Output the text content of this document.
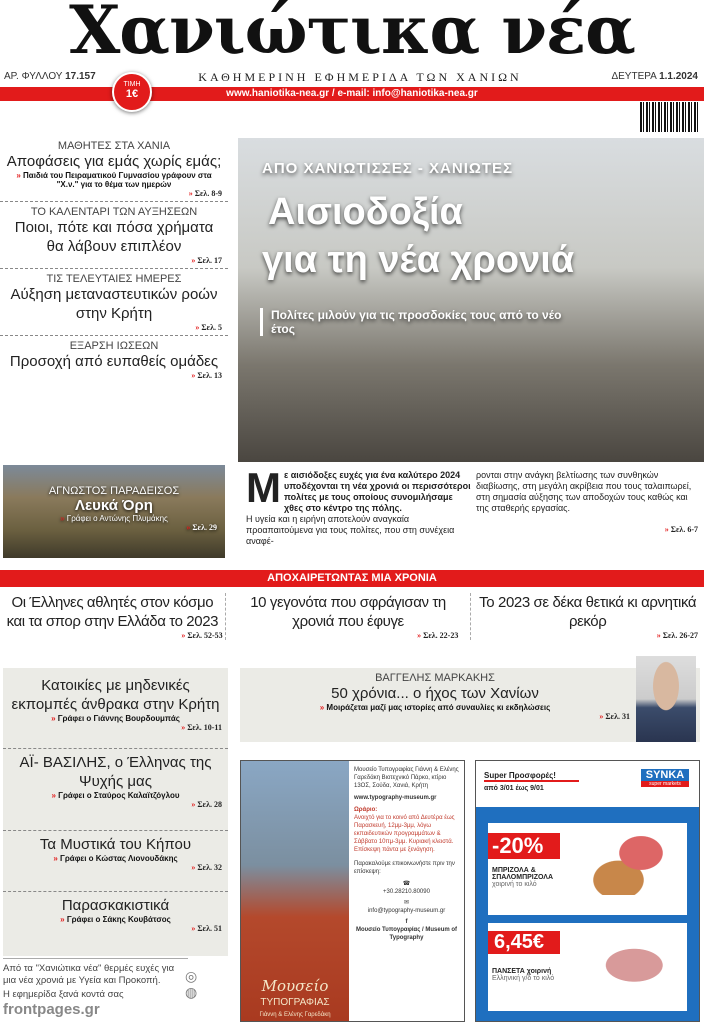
Χανιώτικα νέα
ΑΡ. ΦΥΛΛΟΥ 17.157	ΚΑΘΗΜΕΡΙΝΗ ΕΦΗΜΕΡΙΔΑ ΤΩΝ ΧΑΝΙΩΝ	ΔΕΥΤΕΡΑ 1.1.2024
ΤΙΜΗ
1€	www.haniotika-nea.gr / e-mail: info@haniotika-nea.gr
ΜΑΘΗΤΕΣ ΣΤΑ ΧΑΝΙΑ
Αποφάσεις για εμάς χωρίς εμάς;
» Παιδιά του Πειραματικού Γυμνασίου γράφουν στα "Χ.ν." για το θέμα των ημερών
» Σελ. 8-9
ΤΟ ΚΑΛΕΝΤΑΡΙ ΤΩΝ ΑΥΞΗΣΕΩΝ
Ποιοι, πότε και πόσα χρήματα θα λάβουν επιπλέον
» Σελ. 17
ΤΙΣ ΤΕΛΕΥΤΑΙΕΣ ΗΜΕΡΕΣ
Αύξηση μεταναστευτικών ροών στην Κρήτη
» Σελ. 5
ΕΞΑΡΣΗ ΙΩΣΕΩΝ
Προσοχή από ευπαθείς ομάδες
» Σελ. 13
ΑΓΝΩΣΤΟΣ ΠΑΡΑΔΕΙΣΟΣ
Λευκά Όρη
» Γράφει ο Αντώνης Πλυμάκης
» Σελ. 29
ΑΠΟ ΧΑΝΙΩΤΙΣΣΕΣ - ΧΑΝΙΩΤΕΣ
Αισιοδοξία
για τη νέα χρονιά
Πολίτες μιλούν για τις προσδοκίες τους από το νέο έτος
Με αισιόδοξες ευχές για ένα καλύτερο 2024 υποδέχονται τη νέα χρονιά οι περισσότεροι πολίτες με τους οποίους συνομιλήσαμε χθες στο κέντρο της πόλης.
Η υγεία και η ειρήνη αποτελούν αναγκαία προαπαιτούμενα για τους πολίτες, που στη συνέχεια αναφέ-
ρονται στην ανάγκη βελτίωσης των συνθηκών διαβίωσης, στη μεγάλη ακρίβεια που τους ταλαιπωρεί, στη σημασία αύξησης των αποδοχών τους καθώς και της σταθερής εργασίας.
» Σελ. 6-7
ΑΠΟΧΑΙΡΕΤΩΝΤΑΣ ΜΙΑ ΧΡΟΝΙΑ
Οι Έλληνες αθλητές στον κόσμο και τα σπορ στην Ελλάδα το 2023
» Σελ. 52-53
10 γεγονότα που σφράγισαν τη χρονιά που έφυγε
» Σελ. 22-23
Το 2023 σε δέκα θετικά κι αρνητικά ρεκόρ
» Σελ. 26-27
Κατοικίες με μηδενικές εκπομπές άνθρακα στην Κρήτη
» Γράφει ο Γιάννης Βουρδουμπάς
» Σελ. 10-11
ΑΪ- ΒΑΣΙΛΗΣ, ο Έλληνας της Ψυχής μας
» Γράφει ο Σταύρος Καλαϊτζόγλου
» Σελ. 28
Τα Μυστικά του Κήπου
» Γράφει ο Κώστας Λιονουδάκης
» Σελ. 32
Παρασκακιστικά
» Γράφει ο Σάκης Κουβάτσος
» Σελ. 51
ΒΑΓΓΕΛΗΣ ΜΑΡΚΑΚΗΣ
50 χρόνια... ο ήχος των Χανίων
» Μοιράζεται μαζί μας ιστορίες από συναυλίες κι εκδηλώσεις
» Σελ. 31
Από τα "Χανιώτικα νέα" θερμές ευχές για μια νέα χρονιά με Υγεία και Προκοπή.
Η εφημερίδα ξανά κοντά σας
frontpages.gr
◎
◍	Μουσείο
ΤΥΠΟΓΡΑΦΙΑΣ
Γιάννη & Ελένης Γαρεδάκη
Μουσείο Τυπογραφίας Γιάννη & Ελένης Γαρεδάκη Βιοτεχνικό Πάρκο, κτίριο 13ΟΣ, Σούδα, Χανιά, Κρήτη
www.typography-museum.gr
Ωράριο:
Ανοιχτό για το κοινό από Δευτέρα έως Παρασκευή, 12μμ-3μμ, λόγω εκπαιδευτικών προγραμμάτων & Σάββατο 10πμ-3μμ. Κυριακή κλειστά. Επίσκεψη πάντα με ξενάγηση.
Παρακαλούμε επικοινωνήστε πριν την επίσκεψη:
☎
+30.28210.80090
✉
info@typography-museum.gr
f
Μουσείο Τυπογραφίας / Museum of Typography
Super Προσφορές!
από 3/01 έως 9/01
SYNKA
super markets
-20%
ΜΠΡΙΖΟΛΑ & ΣΠΑΛΟΜΠΡΙΖΟΛΑ
χοιρινή το κιλό
6,45€
ΠΑΝΣΕΤΑ χοιρινή
Ελληνική γ/δ το κιλό
